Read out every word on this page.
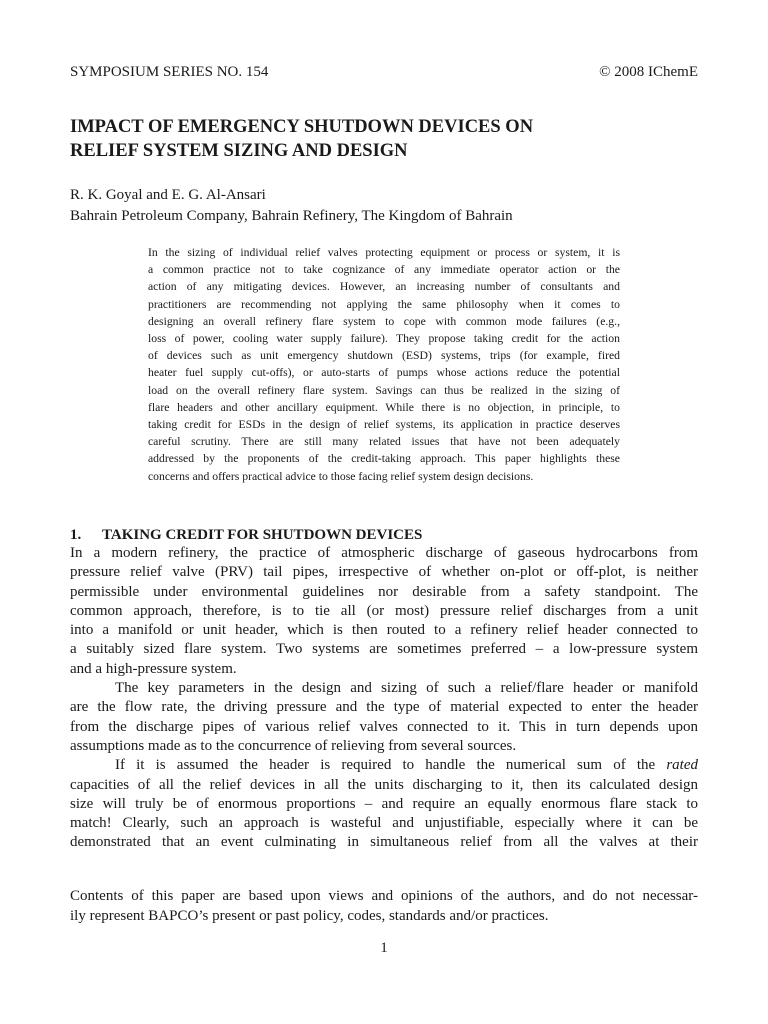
SYMPOSIUM SERIES NO. 154	© 2008 IChemE
IMPACT OF EMERGENCY SHUTDOWN DEVICES ON
RELIEF SYSTEM SIZING AND DESIGN
R. K. Goyal and E. G. Al-Ansari
Bahrain Petroleum Company, Bahrain Refinery, The Kingdom of Bahrain
In the sizing of individual relief valves protecting equipment or process or system, it is
a common practice not to take cognizance of any immediate operator action or the
action of any mitigating devices. However, an increasing number of consultants and
practitioners are recommending not applying the same philosophy when it comes to
designing an overall refinery flare system to cope with common mode failures (e.g.,
loss of power, cooling water supply failure). They propose taking credit for the action
of devices such as unit emergency shutdown (ESD) systems, trips (for example, fired
heater fuel supply cut-offs), or auto-starts of pumps whose actions reduce the potential
load on the overall refinery flare system. Savings can thus be realized in the sizing of
flare headers and other ancillary equipment. While there is no objection, in principle, to
taking credit for ESDs in the design of relief systems, its application in practice deserves
careful scrutiny. There are still many related issues that have not been adequately
addressed by the proponents of the credit-taking approach. This paper highlights these
concerns and offers practical advice to those facing relief system design decisions.
1. TAKING CREDIT FOR SHUTDOWN DEVICES
In a modern refinery, the practice of atmospheric discharge of gaseous hydrocarbons from
pressure relief valve (PRV) tail pipes, irrespective of whether on-plot or off-plot, is neither
permissible under environmental guidelines nor desirable from a safety standpoint. The
common approach, therefore, is to tie all (or most) pressure relief discharges from a unit
into a manifold or unit header, which is then routed to a refinery relief header connected to
a suitably sized flare system. Two systems are sometimes preferred – a low-pressure system
and a high-pressure system.
The key parameters in the design and sizing of such a relief/flare header or manifold
are the flow rate, the driving pressure and the type of material expected to enter the header
from the discharge pipes of various relief valves connected to it. This in turn depends upon
assumptions made as to the concurrence of relieving from several sources.
If it is assumed the header is required to handle the numerical sum of the rated
capacities of all the relief devices in all the units discharging to it, then its calculated design
size will truly be of enormous proportions – and require an equally enormous flare stack to
match! Clearly, such an approach is wasteful and unjustifiable, especially where it can be
demonstrated that an event culminating in simultaneous relief from all the valves at their
Contents of this paper are based upon views and opinions of the authors, and do not necessar-
ily represent BAPCO’s present or past policy, codes, standards and/or practices.
1
